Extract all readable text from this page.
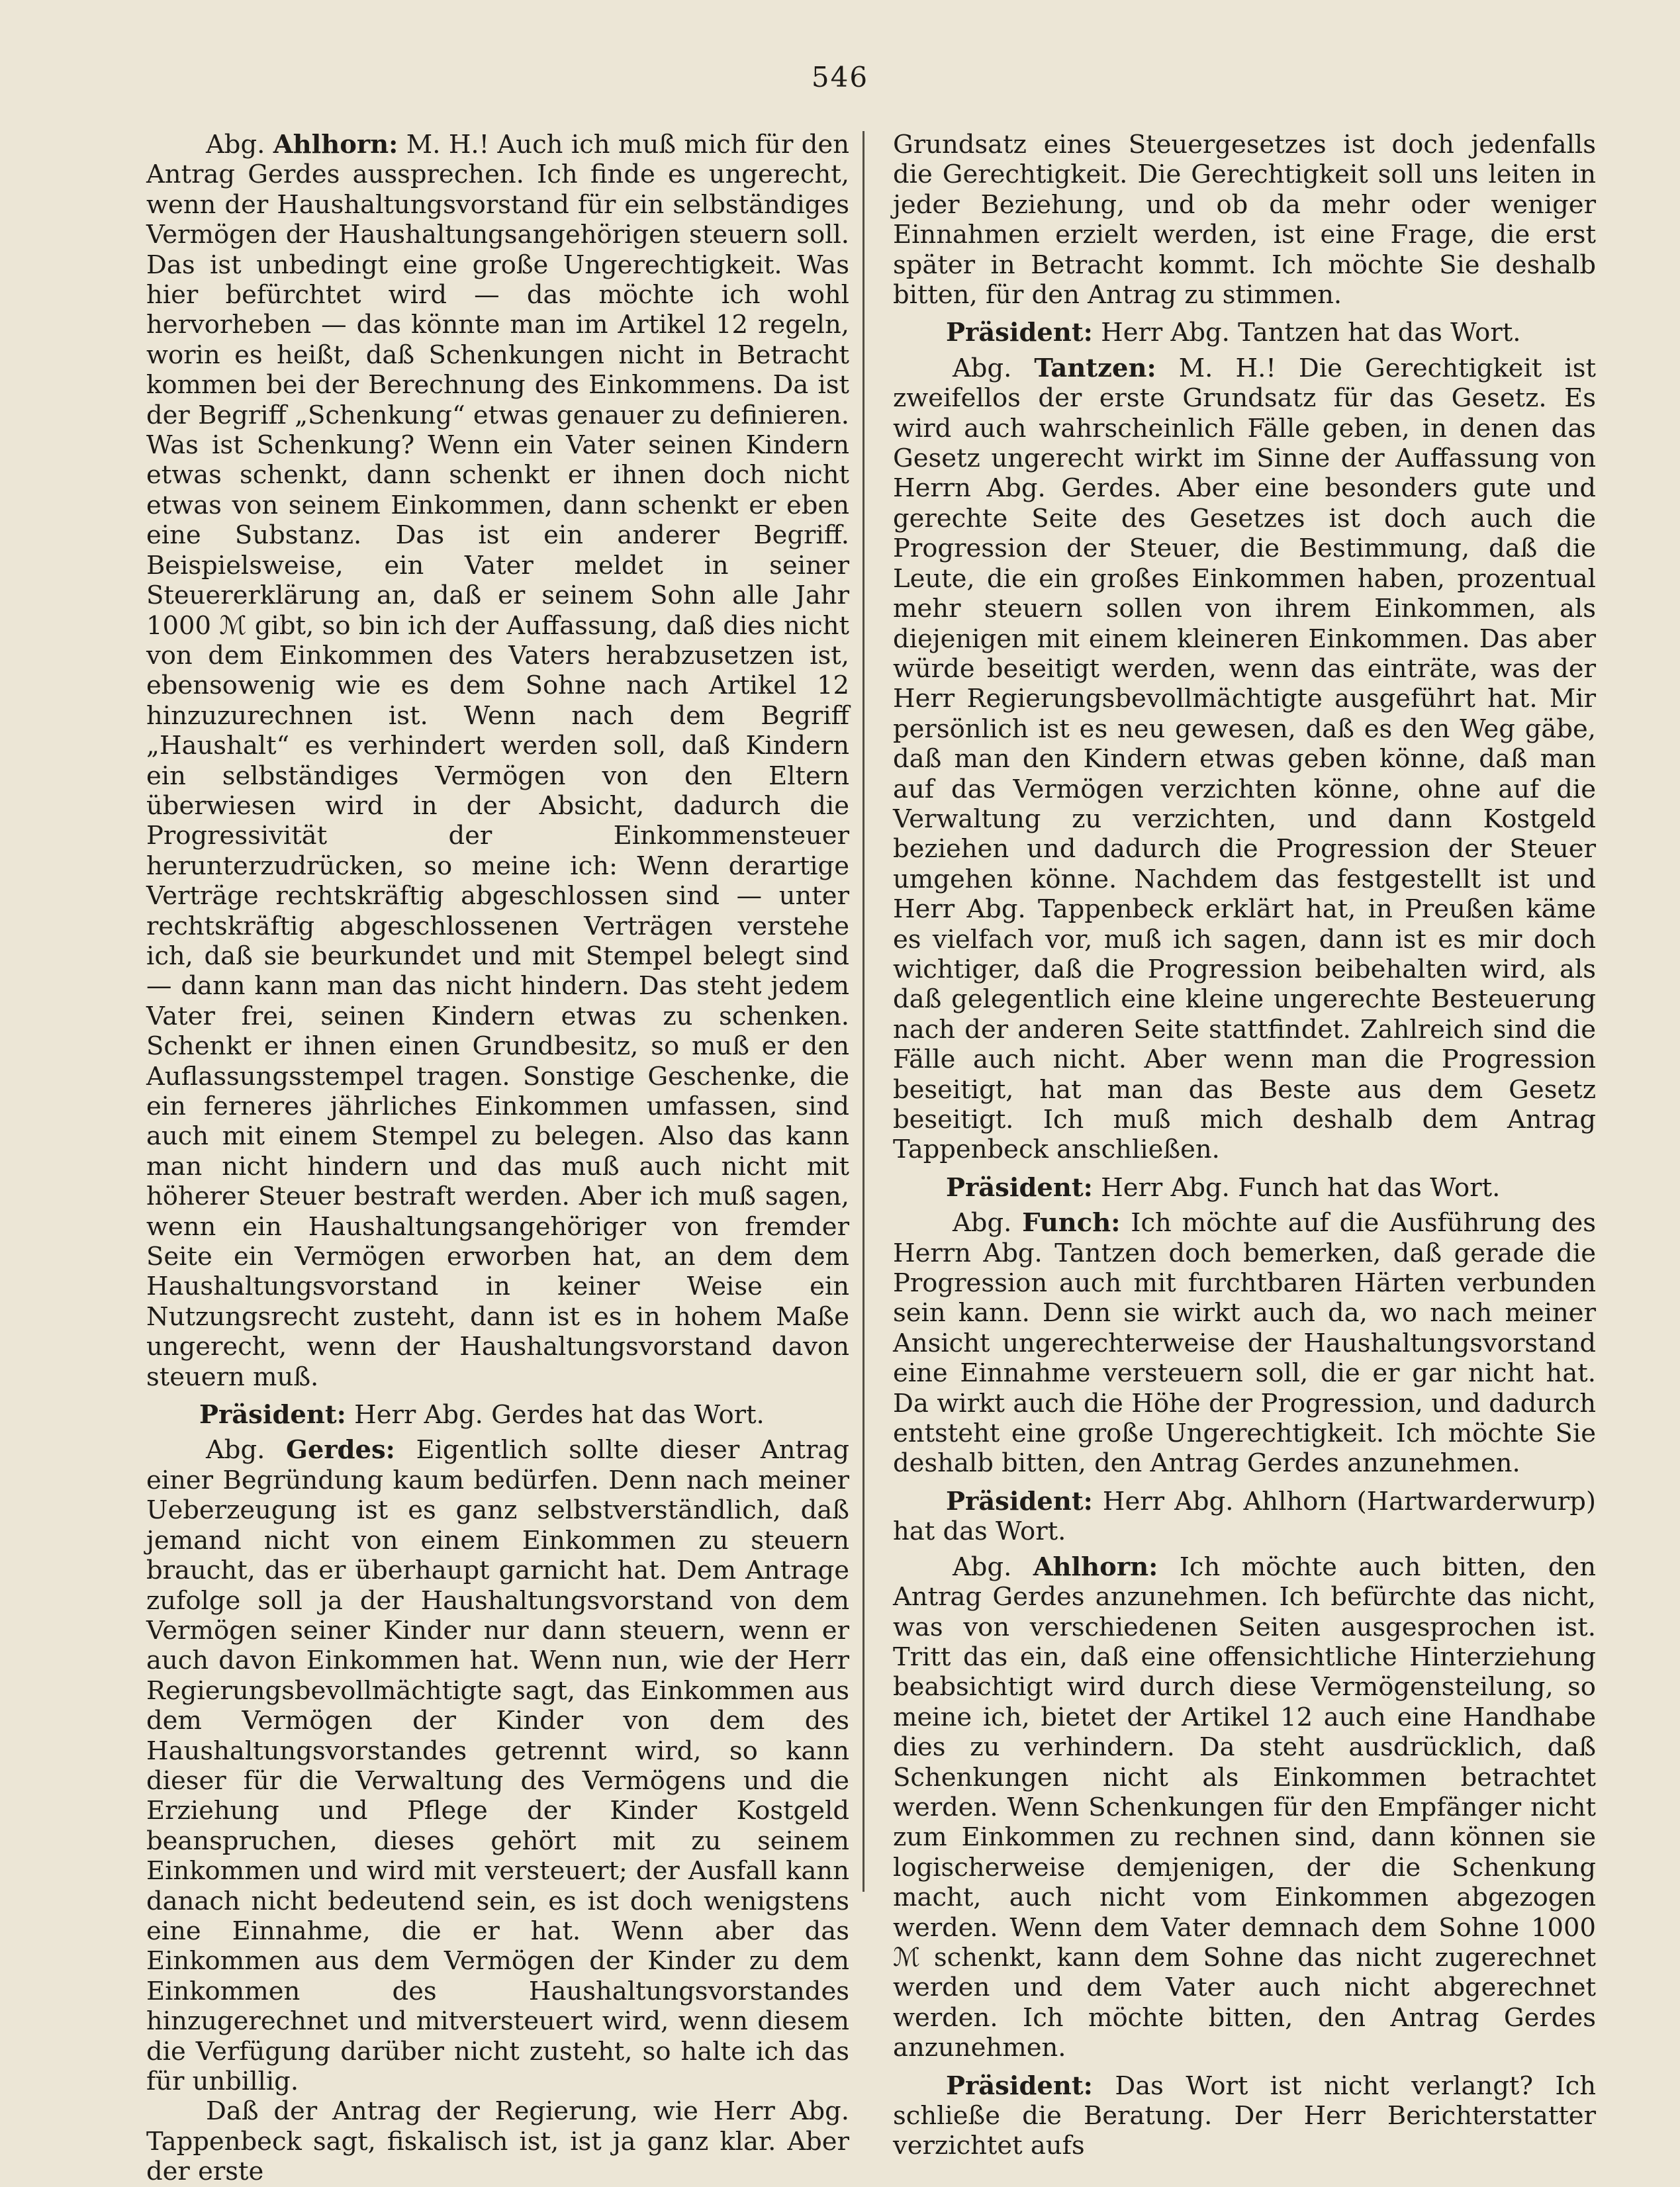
546

Abg. Ahlhorn: M. H.! Auch ich muß mich für den Antrag Gerdes aussprechen. Ich finde es ungerecht, wenn der Haushaltungsvorstand für ein selbständiges Vermögen der Haushaltungsangehörigen steuern soll. Das ist unbedingt eine große Ungerechtigkeit. Was hier befürchtet wird — das möchte ich wohl hervorheben — das könnte man im Artikel 12 regeln, worin es heißt, daß Schenkungen nicht in Betracht kommen bei der Berechnung des Einkommens. Da ist der Begriff „Schenkung“ etwas genauer zu definieren. Was ist Schenkung? Wenn ein Vater seinen Kindern etwas schenkt, dann schenkt er ihnen doch nicht etwas von seinem Einkommen, dann schenkt er eben eine Substanz. Das ist ein anderer Begriff. Beispielsweise, ein Vater meldet in seiner Steuererklärung an, daß er seinem Sohn alle Jahr 1000 ℳ gibt, so bin ich der Auffassung, daß dies nicht von dem Einkommen des Vaters herabzusetzen ist, ebensowenig wie es dem Sohne nach Artikel 12 hinzuzurechnen ist. Wenn nach dem Begriff „Haushalt“ es verhindert werden soll, daß Kindern ein selbständiges Vermögen von den Eltern überwiesen wird in der Absicht, dadurch die Progressivität der Einkommensteuer herunterzudrücken, so meine ich: Wenn derartige Verträge rechtskräftig abgeschlossen sind — unter rechtskräftig abgeschlossenen Verträgen verstehe ich, daß sie beurkundet und mit Stempel belegt sind — dann kann man das nicht hindern. Das steht jedem Vater frei, seinen Kindern etwas zu schenken. Schenkt er ihnen einen Grundbesitz, so muß er den Auflassungsstempel tragen. Sonstige Geschenke, die ein ferneres jährliches Einkommen umfassen, sind auch mit einem Stempel zu belegen. Also das kann man nicht hindern und das muß auch nicht mit höherer Steuer bestraft werden. Aber ich muß sagen, wenn ein Haushaltungsangehöriger von fremder Seite ein Vermögen erworben hat, an dem dem Haushaltungsvorstand in keiner Weise ein Nutzungsrecht zusteht, dann ist es in hohem Maße ungerecht, wenn der Haushaltungsvorstand davon steuern muß.

Präsident: Herr Abg. Gerdes hat das Wort.

Abg. Gerdes: Eigentlich sollte dieser Antrag einer Begründung kaum bedürfen. Denn nach meiner Ueberzeugung ist es ganz selbstverständlich, daß jemand nicht von einem Einkommen zu steuern braucht, das er überhaupt garnicht hat. Dem Antrage zufolge soll ja der Haushaltungsvorstand von dem Vermögen seiner Kinder nur dann steuern, wenn er auch davon Einkommen hat. Wenn nun, wie der Herr Regierungsbevollmächtigte sagt, das Einkommen aus dem Vermögen der Kinder von dem des Haushaltungsvorstandes getrennt wird, so kann dieser für die Verwaltung des Vermögens und die Erziehung und Pflege der Kinder Kostgeld beanspruchen, dieses gehört mit zu seinem Einkommen und wird mit versteuert; der Ausfall kann danach nicht bedeutend sein, es ist doch wenigstens eine Einnahme, die er hat. Wenn aber das Einkommen aus dem Vermögen der Kinder zu dem Einkommen des Haushaltungsvorstandes hinzugerechnet und mitversteuert wird, wenn diesem die Verfügung darüber nicht zusteht, so halte ich das für unbillig.

Daß der Antrag der Regierung, wie Herr Abg. Tappenbeck sagt, fiskalisch ist, ist ja ganz klar. Aber der erste

Grundsatz eines Steuergesetzes ist doch jedenfalls die Gerechtigkeit. Die Gerechtigkeit soll uns leiten in jeder Beziehung, und ob da mehr oder weniger Einnahmen erzielt werden, ist eine Frage, die erst später in Betracht kommt. Ich möchte Sie deshalb bitten, für den Antrag zu stimmen.

Präsident: Herr Abg. Tantzen hat das Wort.

Abg. Tantzen: M. H.! Die Gerechtigkeit ist zweifellos der erste Grundsatz für das Gesetz. Es wird auch wahrscheinlich Fälle geben, in denen das Gesetz ungerecht wirkt im Sinne der Auffassung von Herrn Abg. Gerdes. Aber eine besonders gute und gerechte Seite des Gesetzes ist doch auch die Progression der Steuer, die Bestimmung, daß die Leute, die ein großes Einkommen haben, prozentual mehr steuern sollen von ihrem Einkommen, als diejenigen mit einem kleineren Einkommen. Das aber würde beseitigt werden, wenn das einträte, was der Herr Regierungsbevollmächtigte ausgeführt hat. Mir persönlich ist es neu gewesen, daß es den Weg gäbe, daß man den Kindern etwas geben könne, daß man auf das Vermögen verzichten könne, ohne auf die Verwaltung zu verzichten, und dann Kostgeld beziehen und dadurch die Progression der Steuer umgehen könne. Nachdem das festgestellt ist und Herr Abg. Tappenbeck erklärt hat, in Preußen käme es vielfach vor, muß ich sagen, dann ist es mir doch wichtiger, daß die Progression beibehalten wird, als daß gelegentlich eine kleine ungerechte Besteuerung nach der anderen Seite stattfindet. Zahlreich sind die Fälle auch nicht. Aber wenn man die Progression beseitigt, hat man das Beste aus dem Gesetz beseitigt. Ich muß mich deshalb dem Antrag Tappenbeck anschließen.

Präsident: Herr Abg. Funch hat das Wort.

Abg. Funch: Ich möchte auf die Ausführung des Herrn Abg. Tantzen doch bemerken, daß gerade die Progression auch mit furchtbaren Härten verbunden sein kann. Denn sie wirkt auch da, wo nach meiner Ansicht ungerechterweise der Haushaltungsvorstand eine Einnahme versteuern soll, die er gar nicht hat. Da wirkt auch die Höhe der Progression, und dadurch entsteht eine große Ungerechtigkeit. Ich möchte Sie deshalb bitten, den Antrag Gerdes anzunehmen.

Präsident: Herr Abg. Ahlhorn (Hartwarderwurp) hat das Wort.

Abg. Ahlhorn: Ich möchte auch bitten, den Antrag Gerdes anzunehmen. Ich befürchte das nicht, was von verschiedenen Seiten ausgesprochen ist. Tritt das ein, daß eine offensichtliche Hinterziehung beabsichtigt wird durch diese Vermögensteilung, so meine ich, bietet der Artikel 12 auch eine Handhabe dies zu verhindern. Da steht ausdrücklich, daß Schenkungen nicht als Einkommen betrachtet werden. Wenn Schenkungen für den Empfänger nicht zum Einkommen zu rechnen sind, dann können sie logischerweise demjenigen, der die Schenkung macht, auch nicht vom Einkommen abgezogen werden. Wenn dem Vater demnach dem Sohne 1000 ℳ schenkt, kann dem Sohne das nicht zugerechnet werden und dem Vater auch nicht abgerechnet werden. Ich möchte bitten, den Antrag Gerdes anzunehmen.

Präsident: Das Wort ist nicht verlangt? Ich schließe die Beratung. Der Herr Berichterstatter verzichtet aufs
